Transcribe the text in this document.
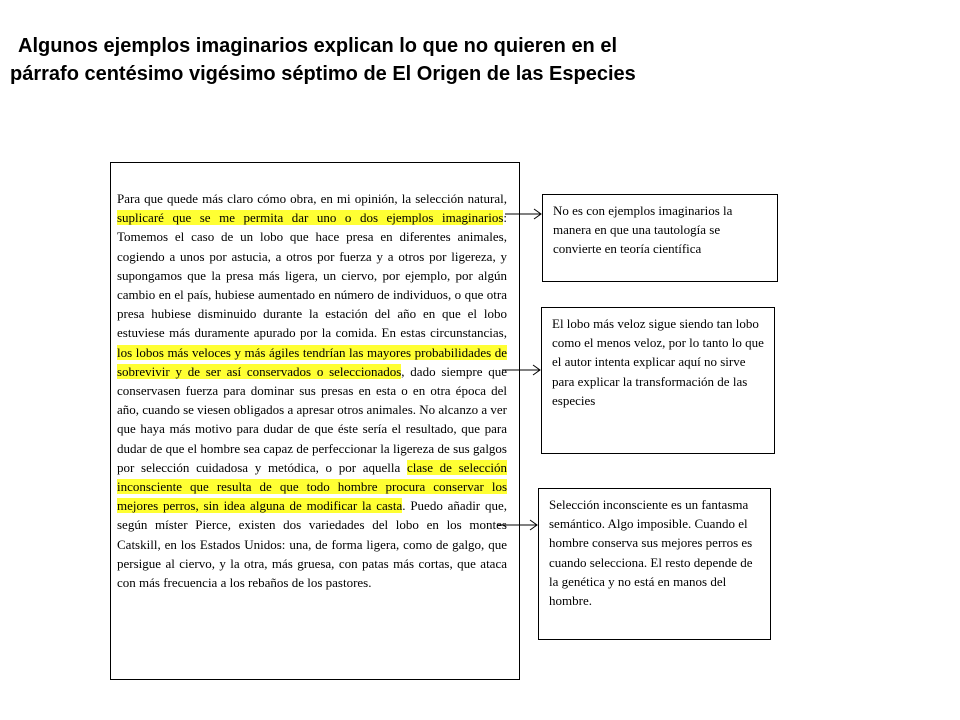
Algunos ejemplos imaginarios explican lo que no quieren en el
párrafo centésimo vigésimo séptimo de El Origen de las Especies

Para que quede más claro cómo obra, en mi opinión, la selección natural, suplicaré que se me permita dar uno o dos ejemplos imaginarios: Tomemos el caso de un lobo que hace presa en diferentes animales, cogiendo a unos por astucia, a otros por fuerza y a otros por ligereza, y supongamos que la presa más ligera, un ciervo, por ejemplo, por algún cambio en el país, hubiese aumentado en número de individuos, o que otra presa hubiese disminuido durante la estación del año en que el lobo estuviese más duramente apurado por la comida. En estas circunstancias, los lobos más veloces y más ágiles tendrían las mayores probabilidades de sobrevivir y de ser así conservados o seleccionados, dado siempre que conservasen fuerza para dominar sus presas en esta o en otra época del año, cuando se viesen obligados a apresar otros animales. No alcanzo a ver que haya más motivo para dudar de que éste sería el resultado, que para dudar de que el hombre sea capaz de perfeccionar la ligereza de sus galgos por selección cuidadosa y metódica, o por aquella clase de selección inconsciente que resulta de que todo hombre procura conservar los mejores perros, sin idea alguna de modificar la casta. Puedo añadir que, según míster Pierce, existen dos variedades del lobo en los montes Catskill, en los Estados Unidos: una, de forma ligera, como de galgo, que persigue al ciervo, y la otra, más gruesa, con patas más cortas, que ataca con más frecuencia a los rebaños de los pastores.

No es con ejemplos imaginarios la manera en que una tautología se convierte en teoría científica

El lobo más veloz sigue siendo tan lobo como el menos veloz, por lo tanto lo que el autor intenta explicar aquí no sirve para explicar la transformación de las especies

Selección inconsciente es un fantasma semántico. Algo imposible. Cuando el hombre conserva sus mejores perros es cuando selecciona. El resto depende de la genética y no está en manos del hombre.
